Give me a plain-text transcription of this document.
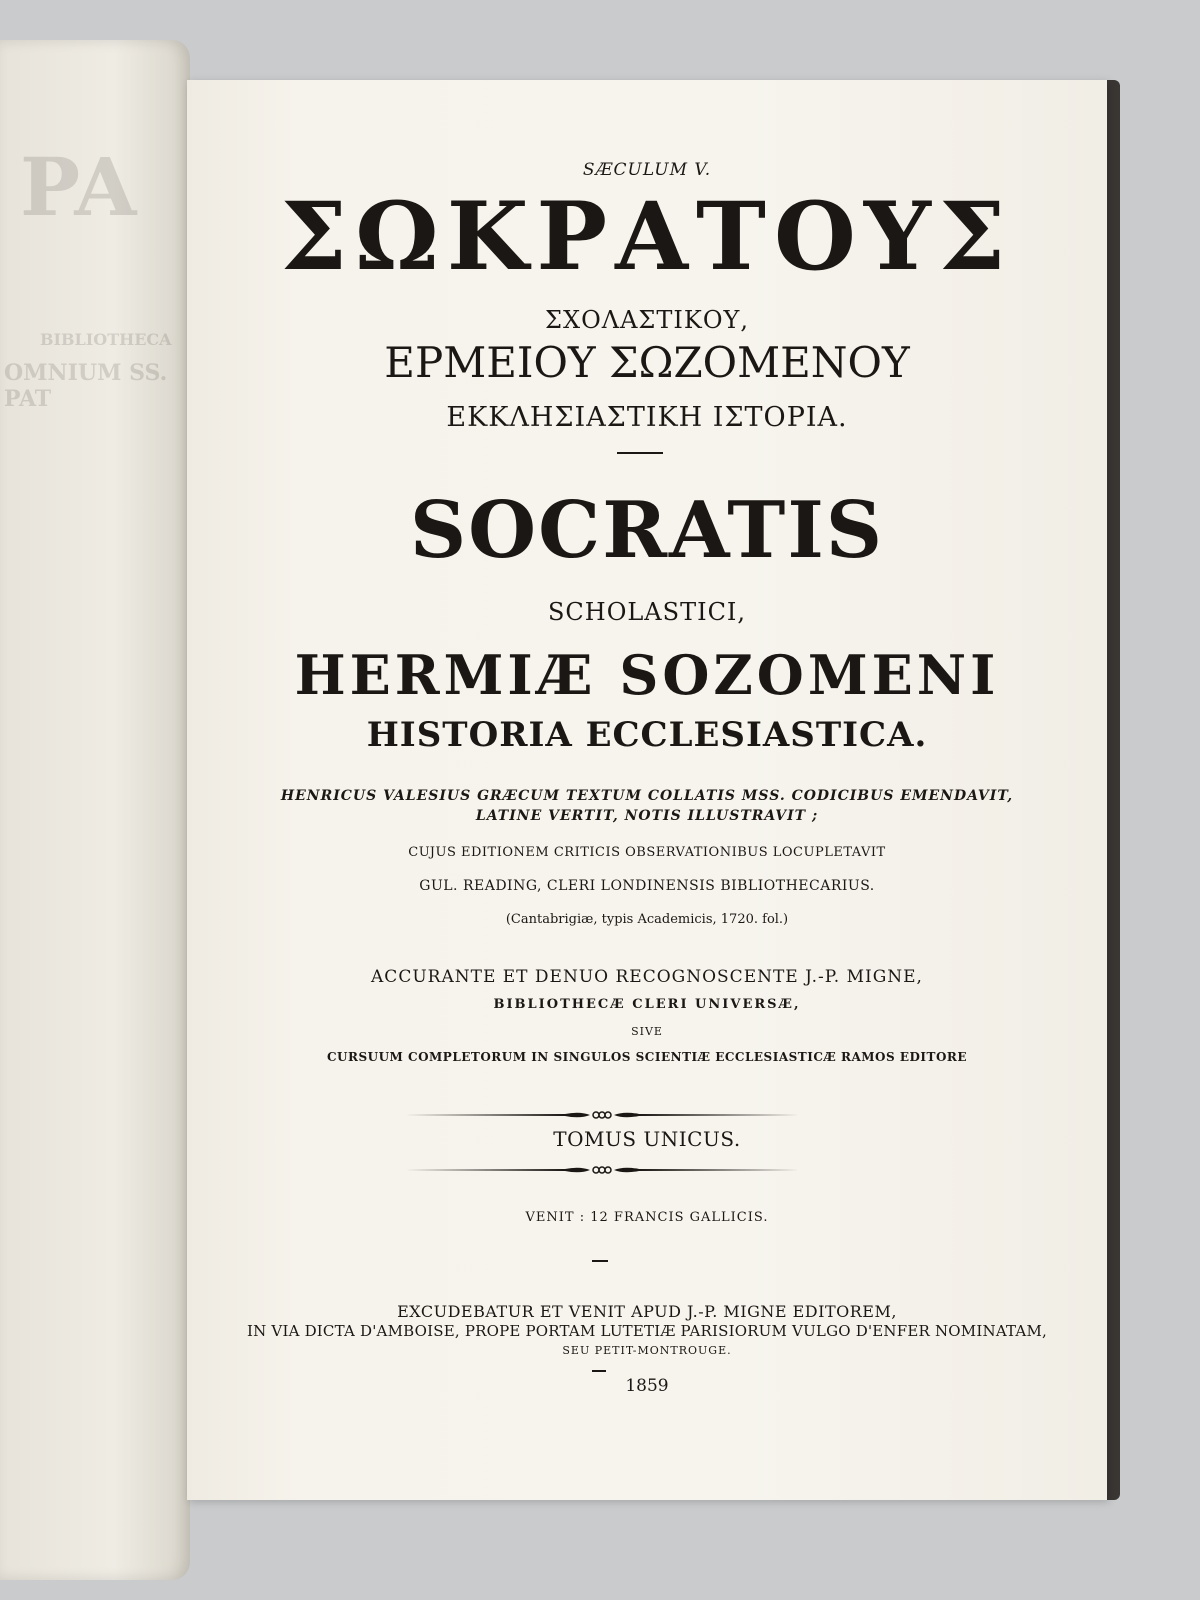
PA
BIBLIOTHECA
OMNIUM SS. PAT
SÆCULUM V.
ΣΩΚΡΑΤΟΥΣ
ΣΧΟΛΑΣΤΙΚΟΥ,
ΕΡΜΕΙΟΥ ΣΩΖΟΜΕΝΟΥ
ΕΚΚΛΗΣΙΑΣΤΙΚΗ ΙΣΤΟΡΙΑ.
SOCRATIS
SCHOLASTICI,
HERMIÆ SOZOMENI
HISTORIA ECCLESIASTICA.
HENRICUS VALESIUS GRÆCUM TEXTUM COLLATIS MSS. CODICIBUS EMENDAVIT,
LATINE VERTIT, NOTIS ILLUSTRAVIT ;
CUJUS EDITIONEM CRITICIS OBSERVATIONIBUS LOCUPLETAVIT
GUL. READING, CLERI LONDINENSIS BIBLIOTHECARIUS.
(Cantabrigiæ, typis Academicis, 1720. fol.)
ACCURANTE ET DENUO RECOGNOSCENTE J.-P. MIGNE,
BIBLIOTHECÆ CLERI UNIVERSÆ,
SIVE
CURSUUM COMPLETORUM IN SINGULOS SCIENTIÆ ECCLESIASTICÆ RAMOS EDITORE
TOMUS UNICUS.
VENIT : 12 FRANCIS GALLICIS.
EXCUDEBATUR ET VENIT APUD J.-P. MIGNE EDITOREM,
IN VIA DICTA D'AMBOISE, PROPE PORTAM LUTETIÆ PARISIORUM VULGO D'ENFER NOMINATAM,
SEU PETIT-MONTROUGE.
1859
